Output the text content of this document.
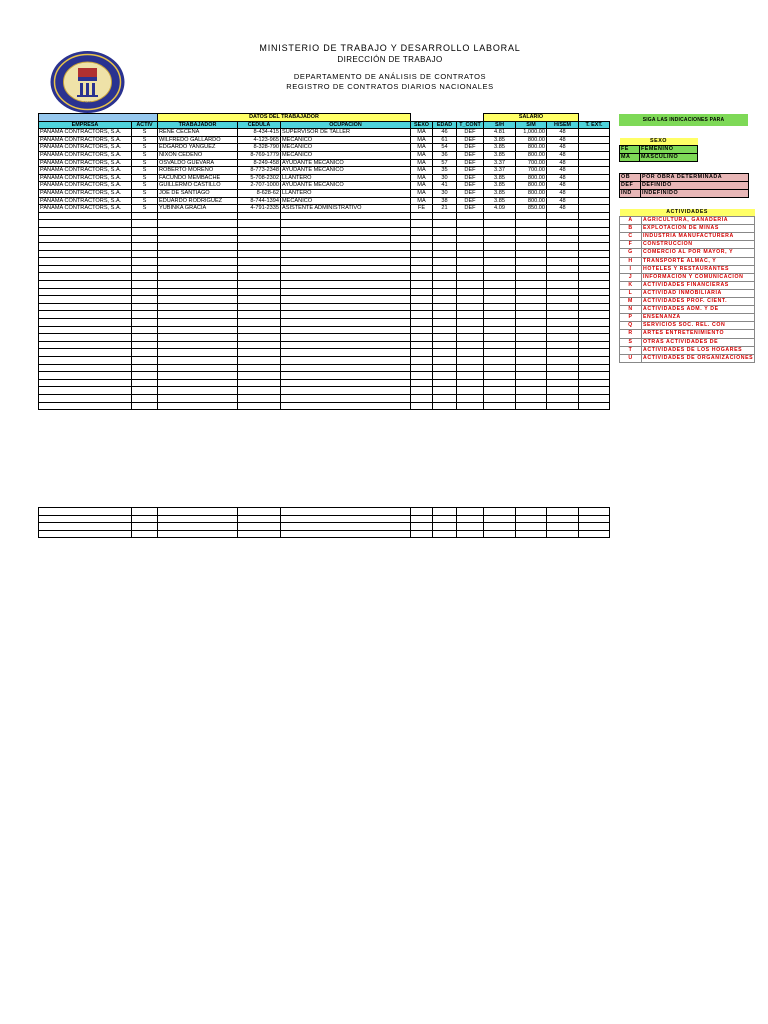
1969
MINISTERIO DE TRABAJO Y DESARROLLO LABORAL
DIRECCIÓN DE TRABAJO
DEPARTAMENTO DE ANÁLISIS DE CONTRATOS
REGISTRO DE CONTRATOS DIARIOS NACIONALES
		DATOS DEL TRABAJADOR						SALARIO			
EMPRESA	ACTIV	TRABAJADOR	CEDULA	OCUPACION	SEXO	EDAD	T_CONT	S/H	S/M	H/SEM	T. EXT.
PANAMA CONTRACTORS, S.A.	S	RENE CECEÑA	8-434-415	SUPERVISOR DE TALLER	MA	46	DEF	4.81	1,000.00	48	
PANAMA CONTRACTORS, S.A.	S	WILFREDO GALLARDO	4-123-965	MECANICO	MA	61	DEF	3.85	800.00	48	
PANAMA CONTRACTORS, S.A.	S	EDGARDO YANGUEZ	8-328-790	MECANICO	MA	54	DEF	3.85	800.00	48	
PANAMA CONTRACTORS, S.A.	S	NIXON CEDEÑO	8-769-1779	MECANICO	MA	36	DEF	3.85	800.00	48	
PANAMA CONTRACTORS, S.A.	S	OSVALDO GUEVARA	8-249-458	AYUDANTE MECANICO	MA	57	DEF	3.37	700.00	48	
PANAMA CONTRACTORS, S.A.	S	ROBERTO MORENO	8-773-2348	AYUDANTE MECANICO	MA	35	DEF	3.37	700.00	48	
PANAMA CONTRACTORS, S.A.	S	FACUNDO MEMBACHE	5-708-2302	LLANTERO	MA	30	DEF	3.85	800.00	48	
PANAMA CONTRACTORS, S.A.	S	GUILLERMO CASTILLO	2-707-1000	AYUDANTE MECANICO	MA	41	DEF	3.85	800.00	48	
PANAMA CONTRACTORS, S.A.	S	JOE DE SANTIAGO	8-628-62	LLANTERO	MA	30	DEF	3.85	800.00	48	
PANAMA CONTRACTORS, S.A.	S	EDUARDO RODRIGUEZ	8-744-1394	MECANICO	MA	38	DEF	3.85	800.00	48	
PANAMA CONTRACTORS, S.A.	S	YUBINKA GRACIA	4-791-2335	ASISTENTE ADMINISTRATIVO	FE	21	DEF	4.09	850.00	48	

SIGA LAS INDICACIONES PARA
SEXO	
FE	FEMENINO
MA	MASCULINO
OB	POR OBRA DETERMINADA
DEF	DEFINIDO
IND	INDEFINIDO
ACTIVIDADES	
A	AGRICULTURA, GANADERIA
B	EXPLOTACION DE MINAS
C	INDUSTRIA MANUFACTURERA
F	CONSTRUCCION
G	COMERCIO AL POR MAYOR, Y
H	TRANSPORTE ALMAC, Y
I	HOTELES Y RESTAURANTES
J	INFORMACION Y COMUNICACION
K	ACTIVIDADES FINANCIERAS
L	ACTIVIDAD INMOBILIARIA
M	ACTIVIDADES PROF. CIENT.
N	ACTIVIDADES ADM. Y DE
P	ENSEÑANZA
Q	SERVICIOS SOC. REL. CON
R	ARTES ENTRETENIMIENTO
S	OTRAS ACTIVIDADES DE
T	ACTIVIDADES DE LOS HOGARES
U	ACTIVIDADES DE ORGANIZACIONES
